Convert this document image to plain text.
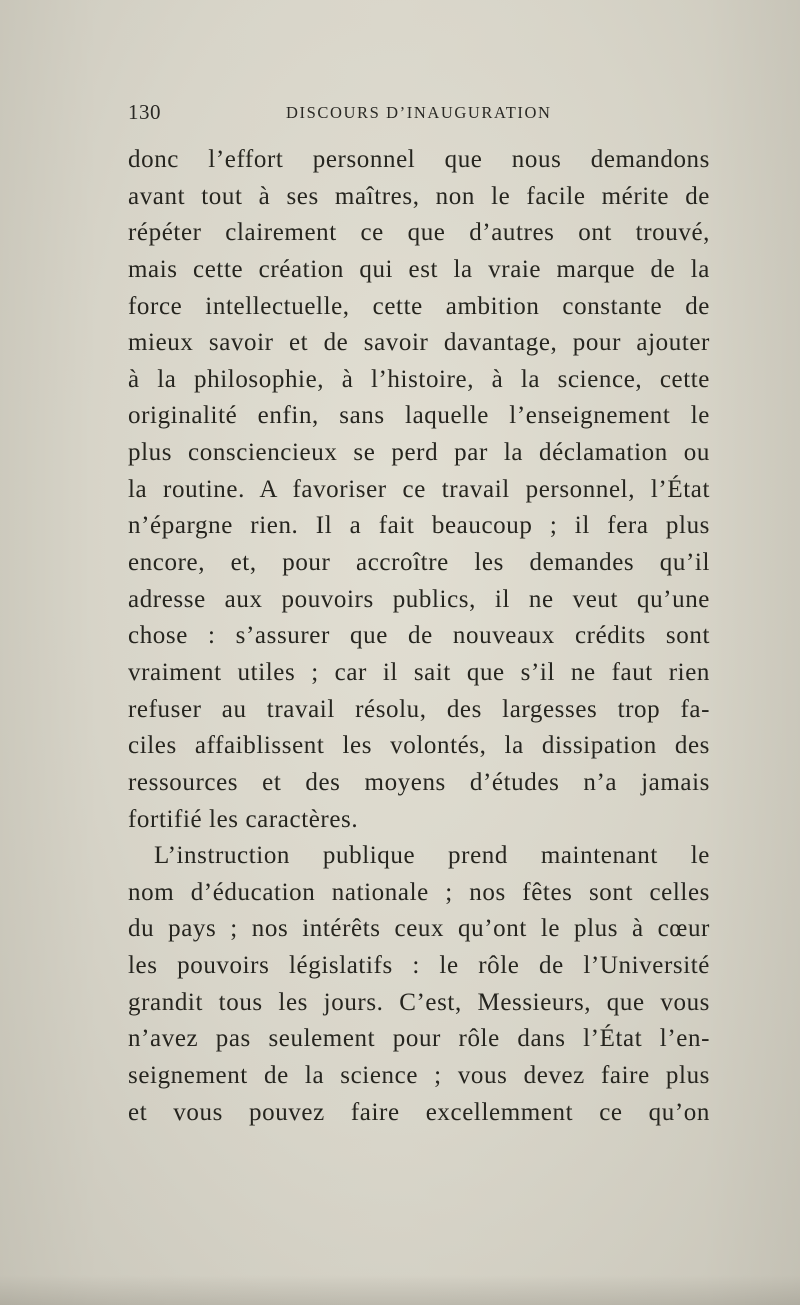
130	DISCOURS D’INAUGURATION
donc l’effort personnel que nous demandons
avant tout à ses maîtres, non le facile mérite de
répéter clairement ce que d’autres ont trouvé,
mais cette création qui est la vraie marque de la
force intellectuelle, cette ambition constante de
mieux savoir et de savoir davantage, pour ajouter
à la philosophie, à l’histoire, à la science, cette
originalité enfin, sans laquelle l’enseignement le
plus consciencieux se perd par la déclamation ou
la routine. A favoriser ce travail personnel, l’État
n’épargne rien. Il a fait beaucoup ; il fera plus
encore, et, pour accroître les demandes qu’il
adresse aux pouvoirs publics, il ne veut qu’une
chose : s’assurer que de nouveaux crédits sont
vraiment utiles ; car il sait que s’il ne faut rien
refuser au travail résolu, des largesses trop fa-
ciles affaiblissent les volontés, la dissipation des
ressources et des moyens d’études n’a jamais
fortifié les caractères.
L’instruction publique prend maintenant le
nom d’éducation nationale ; nos fêtes sont celles
du pays ; nos intérêts ceux qu’ont le plus à cœur
les pouvoirs législatifs : le rôle de l’Université
grandit tous les jours. C’est, Messieurs, que vous
n’avez pas seulement pour rôle dans l’État l’en-
seignement de la science ; vous devez faire plus
et vous pouvez faire excellemment ce qu’on
